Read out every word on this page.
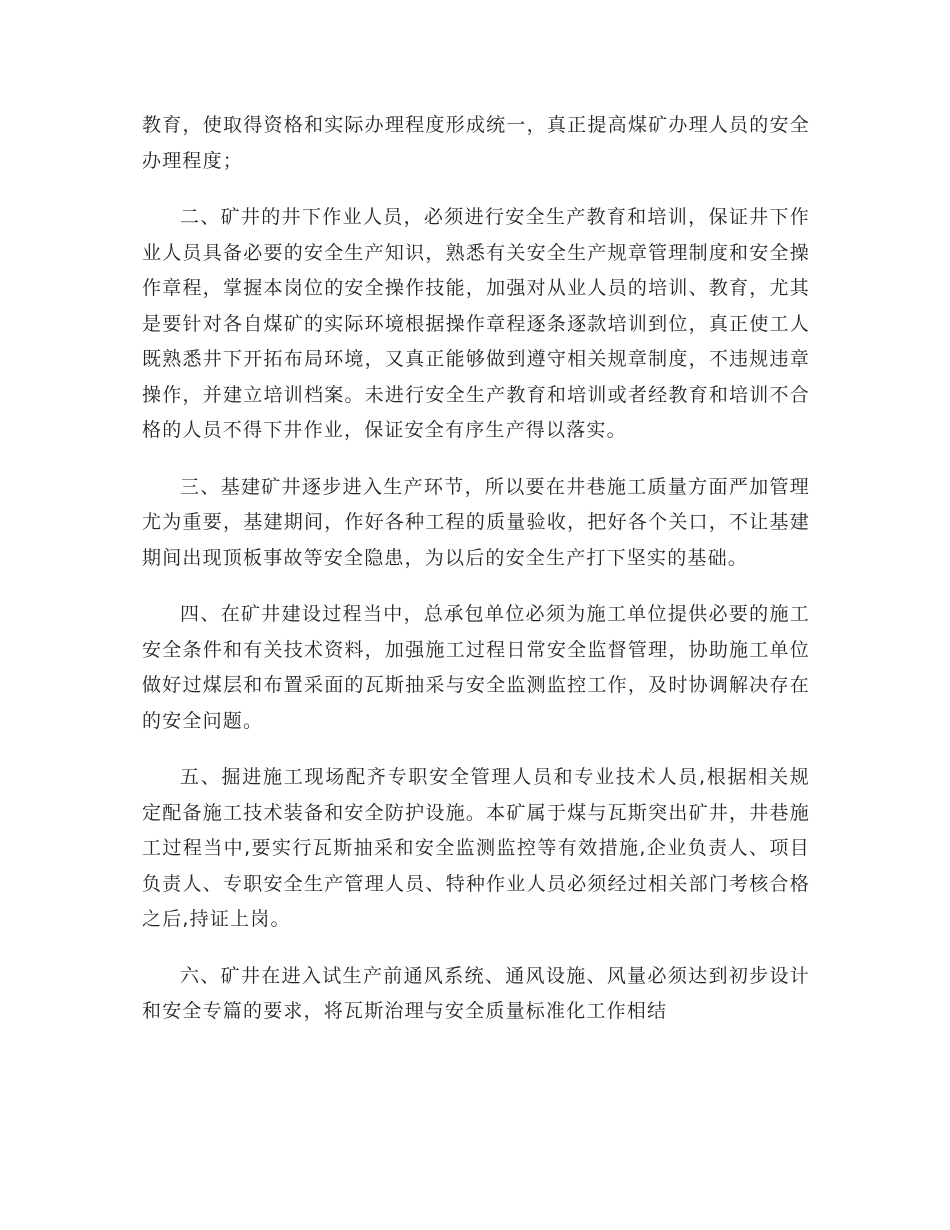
教育，使取得资格和实际办理程度形成统一，真正提高煤矿办理人员的安全办理程度；

二、矿井的井下作业人员，必须进行安全生产教育和培训，保证井下作业人员具备必要的安全生产知识，熟悉有关安全生产规章管理制度和安全操作章程，掌握本岗位的安全操作技能，加强对从业人员的培训、教育，尤其是要针对各自煤矿的实际环境根据操作章程逐条逐款培训到位，真正使工人既熟悉井下开拓布局环境，又真正能够做到遵守相关规章制度，不违规违章操作，并建立培训档案。未进行安全生产教育和培训或者经教育和培训不合格的人员不得下井作业，保证安全有序生产得以落实。

三、基建矿井逐步进入生产环节，所以要在井巷施工质量方面严加管理尤为重要，基建期间，作好各种工程的质量验收，把好各个关口，不让基建期间出现顶板事故等安全隐患，为以后的安全生产打下坚实的基础。

四、在矿井建设过程当中，总承包单位必须为施工单位提供必要的施工安全条件和有关技术资料，加强施工过程日常安全监督管理，协助施工单位做好过煤层和布置采面的瓦斯抽采与安全监测监控工作，及时协调解决存在的安全问题。

五、掘进施工现场配齐专职安全管理人员和专业技术人员,根据相关规定配备施工技术装备和安全防护设施。本矿属于煤与瓦斯突出矿井，井巷施工过程当中,要实行瓦斯抽采和安全监测监控等有效措施,企业负责人、项目负责人、专职安全生产管理人员、特种作业人员必须经过相关部门考核合格之后,持证上岗。

六、矿井在进入试生产前通风系统、通风设施、风量必须达到初步设计和安全专篇的要求，将瓦斯治理与安全质量标准化工作相结
